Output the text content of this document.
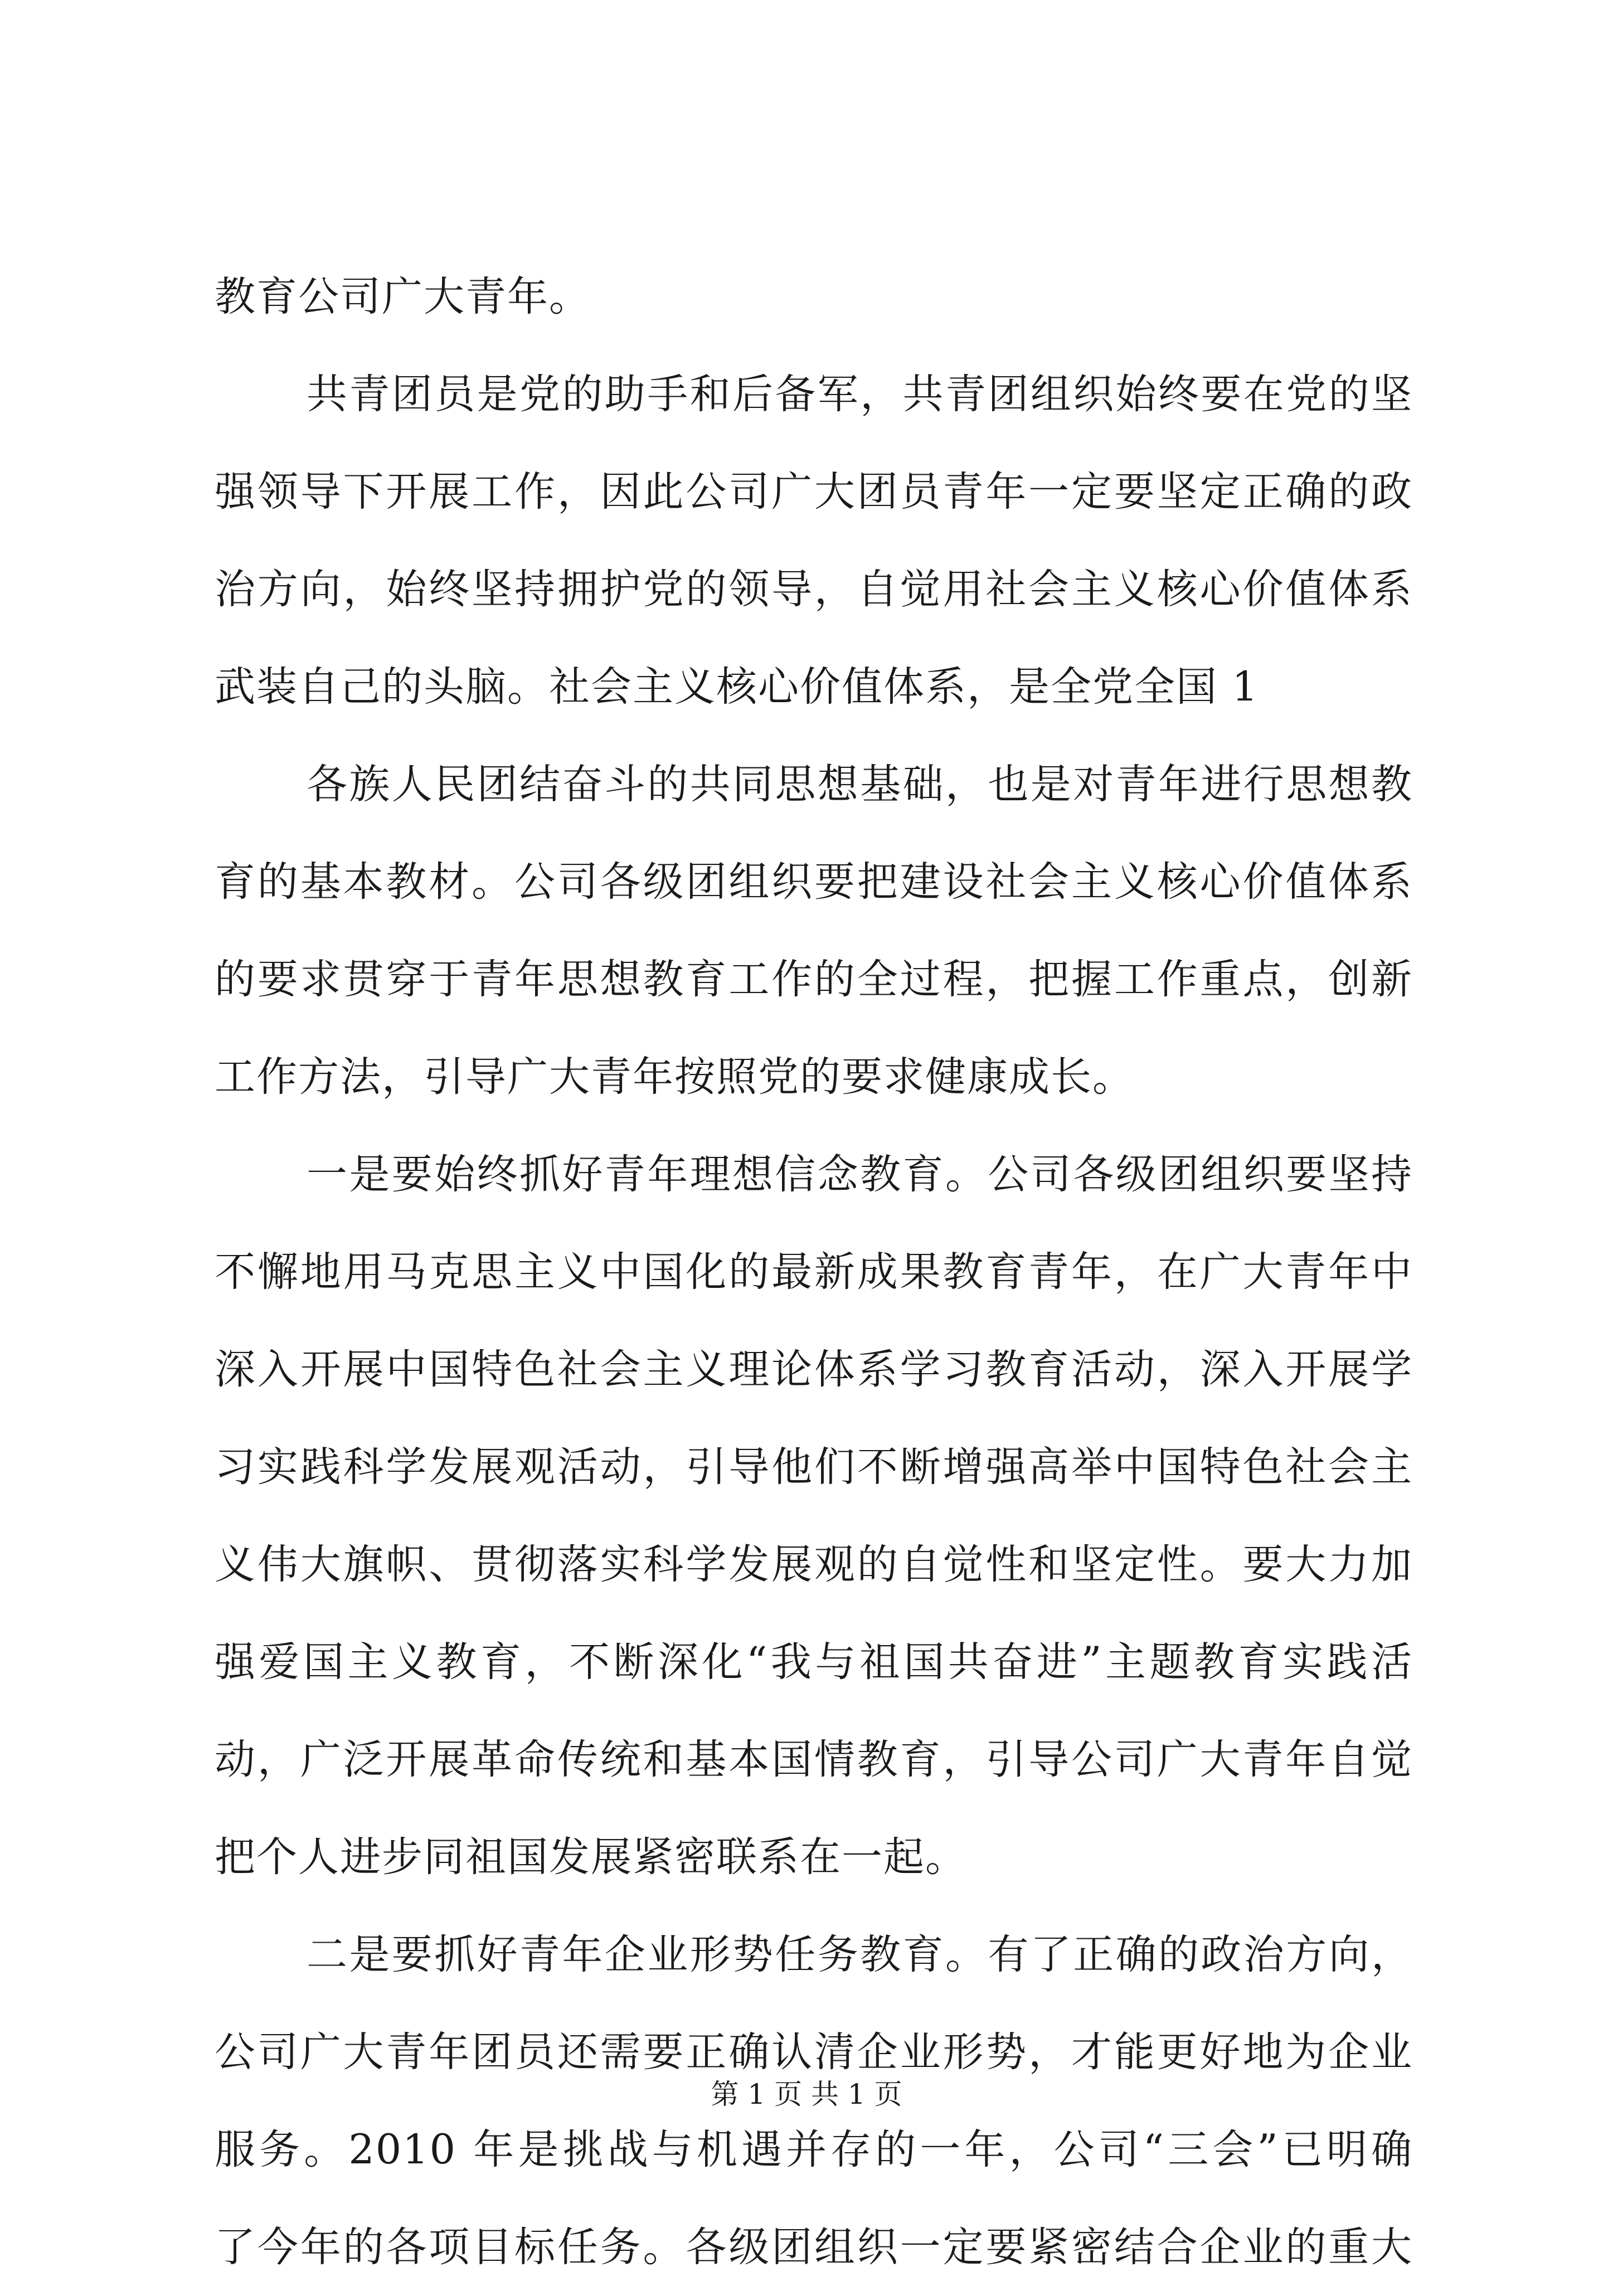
教育公司广大青年。
共青团员是党的助手和后备军，共青团组织始终要在党的坚
强领导下开展工作，因此公司广大团员青年一定要坚定正确的政
治方向，始终坚持拥护党的领导，自觉用社会主义核心价值体系
武装自己的头脑。社会主义核心价值体系，是全党全国 1
各族人民团结奋斗的共同思想基础，也是对青年进行思想教
育的基本教材。公司各级团组织要把建设社会主义核心价值体系
的要求贯穿于青年思想教育工作的全过程，把握工作重点，创新
工作方法，引导广大青年按照党的要求健康成长。
一是要始终抓好青年理想信念教育。公司各级团组织要坚持
不懈地用马克思主义中国化的最新成果教育青年，在广大青年中
深入开展中国特色社会主义理论体系学习教育活动，深入开展学
习实践科学发展观活动，引导他们不断增强高举中国特色社会主
义伟大旗帜、贯彻落实科学发展观的自觉性和坚定性。要大力加
强爱国主义教育，不断深化“我与祖国共奋进”主题教育实践活
动，广泛开展革命传统和基本国情教育，引导公司广大青年自觉
把个人进步同祖国发展紧密联系在一起。
二是要抓好青年企业形势任务教育。有了正确的政治方向，
公司广大青年团员还需要正确认清企业形势，才能更好地为企业
服务。2010 年是挑战与机遇并存的一年，公司“三会”已明确
了今年的各项目标任务。各级团组织一定要紧密结合企业的重大
第 1 页 共 1 页
